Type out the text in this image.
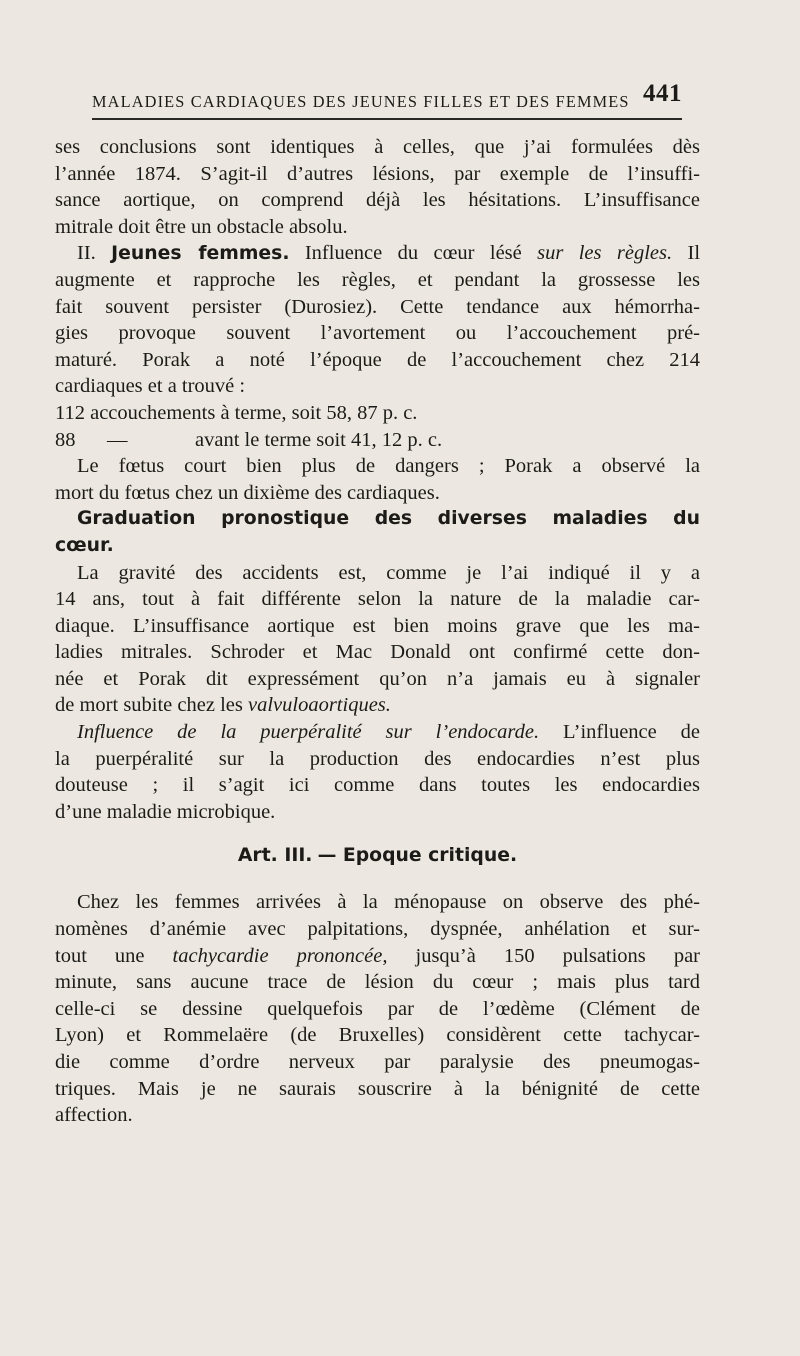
MALADIES CARDIAQUES DES JEUNES FILLES ET DES FEMMES 441
ses conclusions sont identiques à celles, que j’ai formulées dès
l’année 1874. S’agit-il d’autres lésions, par exemple de l’insuffi-
sance aortique, on comprend déjà les hésitations. L’insuffisance
mitrale doit être un obstacle absolu.
II. Jeunes femmes. Influence du cœur lésé sur les règles. Il
augmente et rapproche les règles, et pendant la grossesse les
fait souvent persister (Durosiez). Cette tendance aux hémorrha-
gies provoque souvent l’avortement ou l’accouchement pré-
maturé. Porak a noté l’époque de l’accouchement chez 214
cardiaques et a trouvé :
112 accouchements à terme, soit 58, 87 p. c.
88 —	avant le terme soit 41, 12 p. c.
Le fœtus court bien plus de dangers ; Porak a observé la
mort du fœtus chez un dixième des cardiaques.
Graduation pronostique des diverses maladies du
cœur.
La gravité des accidents est, comme je l’ai indiqué il y a
14 ans, tout à fait différente selon la nature de la maladie car-
diaque. L’insuffisance aortique est bien moins grave que les ma-
ladies mitrales. Schroder et Mac Donald ont confirmé cette don-
née et Porak dit expressément qu’on n’a jamais eu à signaler
de mort subite chez les valvuloaortiques.
Influence de la puerpéralité sur l’endocarde. L’influence de
la puerpéralité sur la production des endocardies n’est plus
douteuse ; il s’agit ici comme dans toutes les endocardies
d’une maladie microbique.
Art. III. — Epoque critique.
Chez les femmes arrivées à la ménopause on observe des phé-
nomènes d’anémie avec palpitations, dyspnée, anhélation et sur-
tout une tachycardie prononcée, jusqu’à 150 pulsations par
minute, sans aucune trace de lésion du cœur ; mais plus tard
celle-ci se dessine quelquefois par de l’œdème (Clément de
Lyon) et Rommelaëre (de Bruxelles) considèrent cette tachycar-
die comme d’ordre nerveux par paralysie des pneumogas-
triques. Mais je ne saurais souscrire à la bénignité de cette
affection.
